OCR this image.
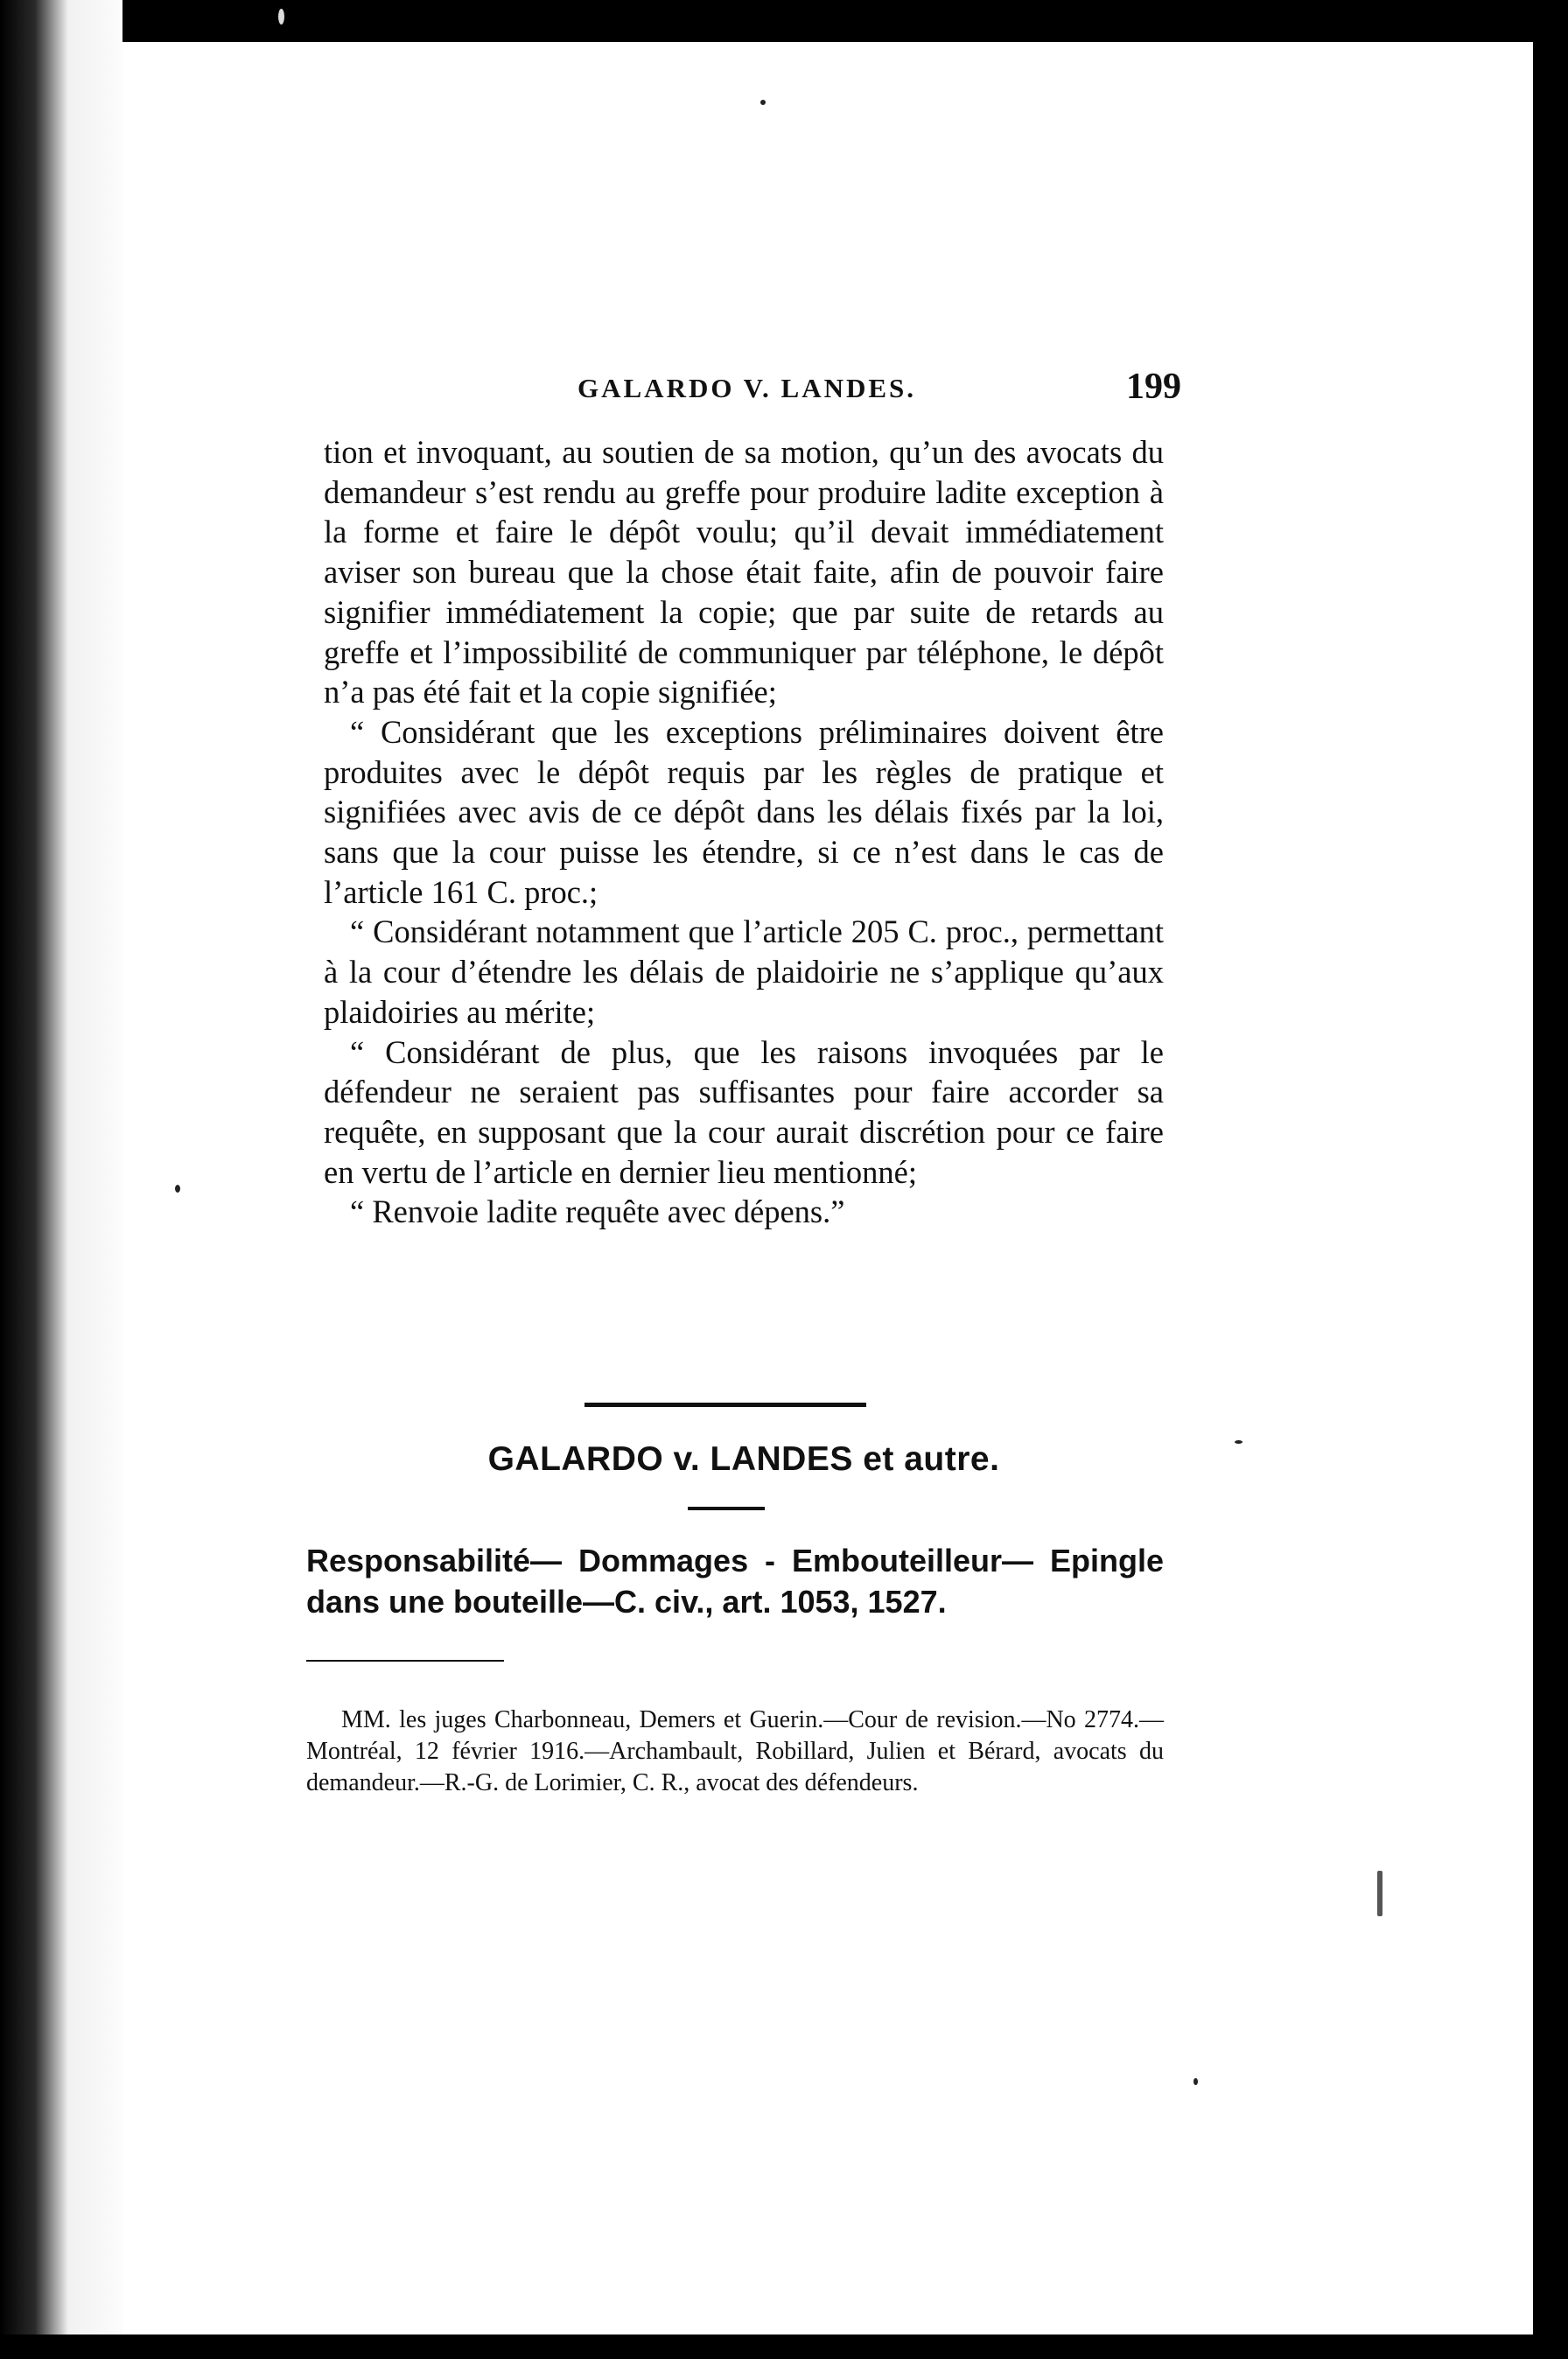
GALARDO V. LANDES.	199

tion et invoquant, au soutien de sa motion, qu’un des avocats du demandeur s’est rendu au greffe pour produire ladite exception à la forme et faire le dépôt voulu; qu’il devait immédiatement aviser son bureau que la chose était faite, afin de pouvoir faire signifier immédiatement la copie; que par suite de retards au greffe et l’impossibilité de communiquer par téléphone, le dépôt n’a pas été fait et la copie signifiée;

“ Considérant que les exceptions préliminaires doivent être produites avec le dépôt requis par les règles de pratique et signifiées avec avis de ce dépôt dans les délais fixés par la loi, sans que la cour puisse les étendre, si ce n’est dans le cas de l’article 161 C. proc.;

“ Considérant notamment que l’article 205 C. proc., permettant à la cour d’étendre les délais de plaidoirie ne s’applique qu’aux plaidoiries au mérite;

“ Considérant de plus, que les raisons invoquées par le défendeur ne seraient pas suffisantes pour faire accorder sa requête, en supposant que la cour aurait discrétion pour ce faire en vertu de l’article en dernier lieu mentionné;

“ Renvoie ladite requête avec dépens.”

GALARDO v. LANDES et autre.
Responsabilité— Dommages - Embouteilleur— Epingle dans une bouteille—C. civ., art. 1053, 1527.

MM. les juges Charbonneau, Demers et Guerin.—Cour de revision.—No 2774.—Montréal, 12 février 1916.—Archambault, Robillard, Julien et Bérard, avocats du demandeur.—R.-G. de Lorimier, C. R., avocat des défendeurs.
